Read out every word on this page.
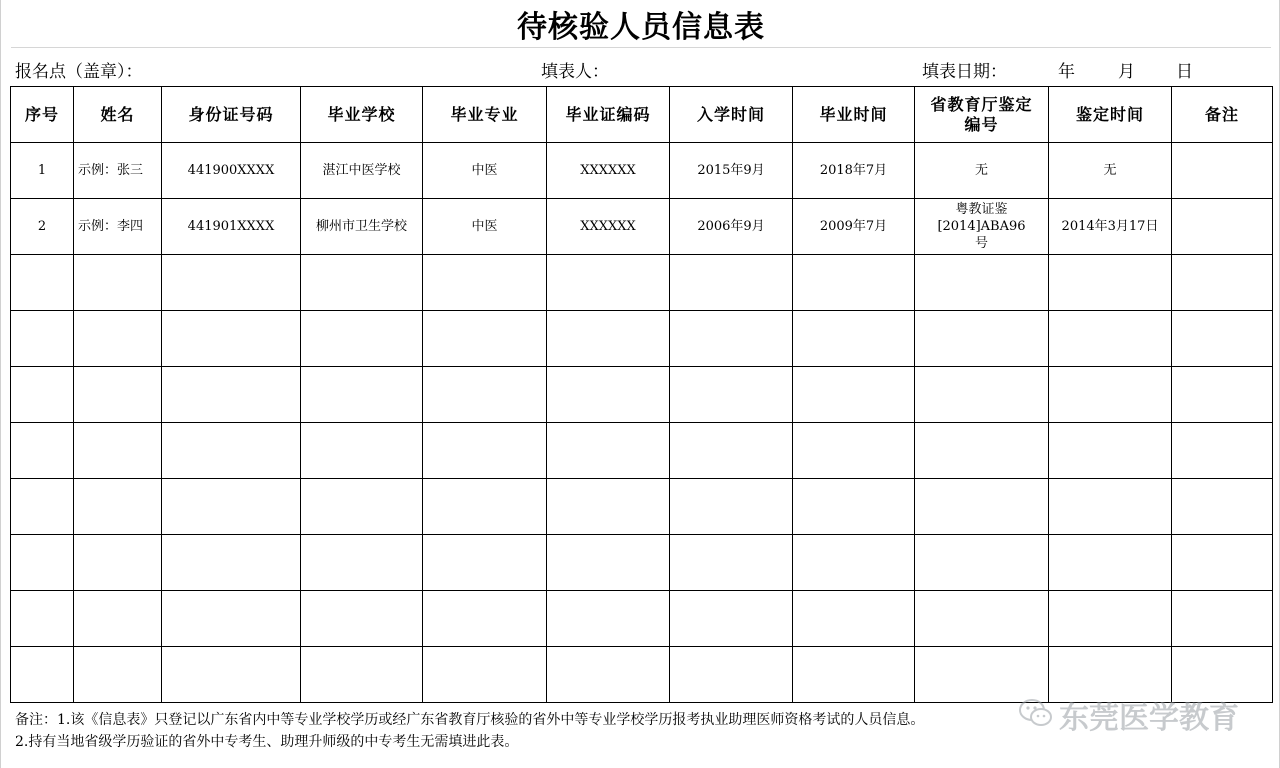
待核验人员信息表
报名点（盖章）：	填表人：	填表日期：	年	月 日
序号	姓名	身份证号码	毕业学校	毕业专业	毕业证编码	入学时间	毕业时间	省教育厅鉴定编号	鉴定时间	备注
1	示例：张三	441900XXXX	湛江中医学校	中医	XXXXXX	2015年9月	2018年7月	无	无	
2	示例：李四	441901XXXX	柳州市卫生学校	中医	XXXXXX	2006年9月	2009年7月	粤教证鉴[2014]ABA96号	2014年3月17日	

备注：1.该《信息表》只登记以广东省内中等专业学校学历或经广东省教育厅核验的省外中等专业学校学历报考执业助理医师资格考试的人员信息。
2.持有当地省级学历验证的省外中专考生、助理升师级的中专考生无需填进此表。
东莞医学教育
